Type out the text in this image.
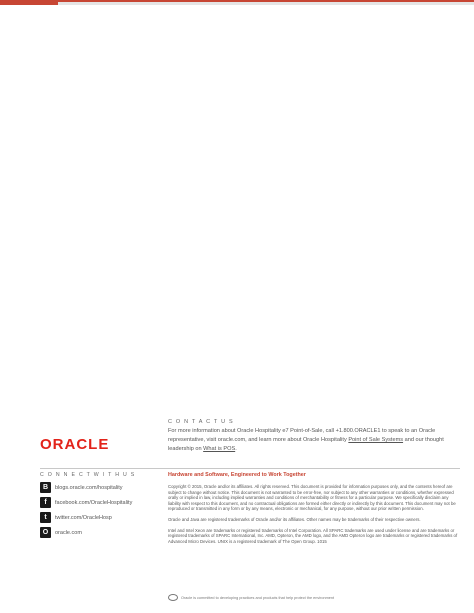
C O N T A C T U S
For more information about Oracle Hospitality e7 Point-of-Sale, call +1.800.ORACLE1 to speak to an Oracle representative, visit oracle.com, and learn more about Oracle Hospitality Point of Sale Systems and our thought leadership on What is POS.
ORACLE
C O N N E C T W I T H U S
B	blogs.oracle.com/hospitality
f	facebook.com/OracleHospitality
t	twitter.com/OracleHosp
O	oracle.com
Hardware and Software, Engineered to Work Together

Copyright © 2015, Oracle and/or its affiliates. All rights reserved. This document is provided for information purposes only, and the contents hereof are subject to change without notice. This document is not warranted to be error-free, nor subject to any other warranties or conditions, whether expressed orally or implied in law, including implied warranties and conditions of merchantability or fitness for a particular purpose. We specifically disclaim any liability with respect to this document, and no contractual obligations are formed either directly or indirectly by this document. This document may not be reproduced or transmitted in any form or by any means, electronic or mechanical, for any purpose, without our prior written permission.

Oracle and Java are registered trademarks of Oracle and/or its affiliates. Other names may be trademarks of their respective owners.

Intel and Intel Xeon are trademarks or registered trademarks of Intel Corporation. All SPARC trademarks are used under license and are trademarks or registered trademarks of SPARC International, Inc. AMD, Opteron, the AMD logo, and the AMD Opteron logo are trademarks or registered trademarks of Advanced Micro Devices. UNIX is a registered trademark of The Open Group. 1015

Oracle is committed to developing practices and products that help protect the environment
